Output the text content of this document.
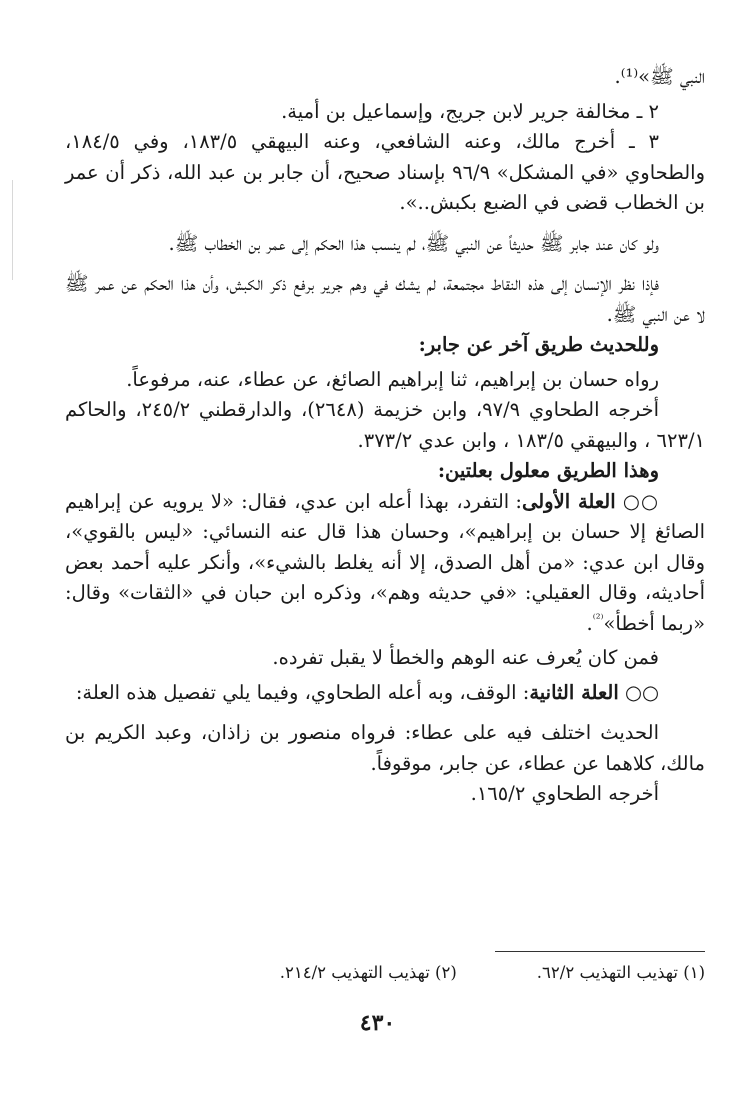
النبي ﷺ»⁽¹⁾.

٢ ـ مخالفة جرير لابن جريج، وإسماعيل بن أمية.

٣ ـ أخرج مالك، وعنه الشافعي، وعنه البيهقي ١٨٣/٥، وفي ١٨٤/٥، والطحاوي «في المشكل» ٩٦/٩ بإسناد صحيح، أن جابر بن عبد الله، ذكر أن عمر بن الخطاب قضى في الضبع بكبش..».

ولو كان عند جابر ﷺ حديثاً عن النبي ﷺ، لم ينسب هذا الحكم إلى عمر بن الخطاب ﷺ.

فإذا نظر الإنسان إلى هذه النقاط مجتمعة، لم يشك في وهم جرير برفع ذكر الكبش، وأن هذا الحكم عن عمر ﷺ لا عن النبي ﷺ.

وللحديث طريق آخر عن جابر:

رواه حسان بن إبراهيم، ثنا إبراهيم الصائغ، عن عطاء، عنه، مرفوعاً.

أخرجه الطحاوي ٩٧/٩، وابن خزيمة (٢٦٤٨)، والدارقطني ٢٤٥/٢، والحاكم ٦٢٣/١ ، والبيهقي ١٨٣/٥ ، وابن عدي ٣٧٣/٢.

وهذا الطريق معلول بعلتين:

○○ العلة الأولى: التفرد، بهذا أعله ابن عدي، فقال: «لا يرويه عن إبراهيم الصائغ إلا حسان بن إبراهيم»، وحسان هذا قال عنه النسائي: «ليس بالقوي»، وقال ابن عدي: «من أهل الصدق، إلا أنه يغلط بالشيء»، وأنكر عليه أحمد بعض أحاديثه، وقال العقيلي: «في حديثه وهم»، وذكره ابن حبان في «الثقات» وقال: «ربما أخطأ»$^{^{(2)}}$.

فمن كان يُعرف عنه الوهم والخطأ لا يقبل تفرده.

○○ العلة الثانية: الوقف، وبه أعله الطحاوي، وفيما يلي تفصيل هذه العلة:

الحديث اختلف فيه على عطاء: فرواه منصور بن زاذان، وعبد الكريم بن مالك، كلاهما عن عطاء، عن جابر، موقوفاً.

أخرجه الطحاوي ١٦٥/٢.

(١) تهذيب التهذيب ٦٢/٢.
(٢) تهذيب التهذيب ٢١٤/٢.
٤٣٠
